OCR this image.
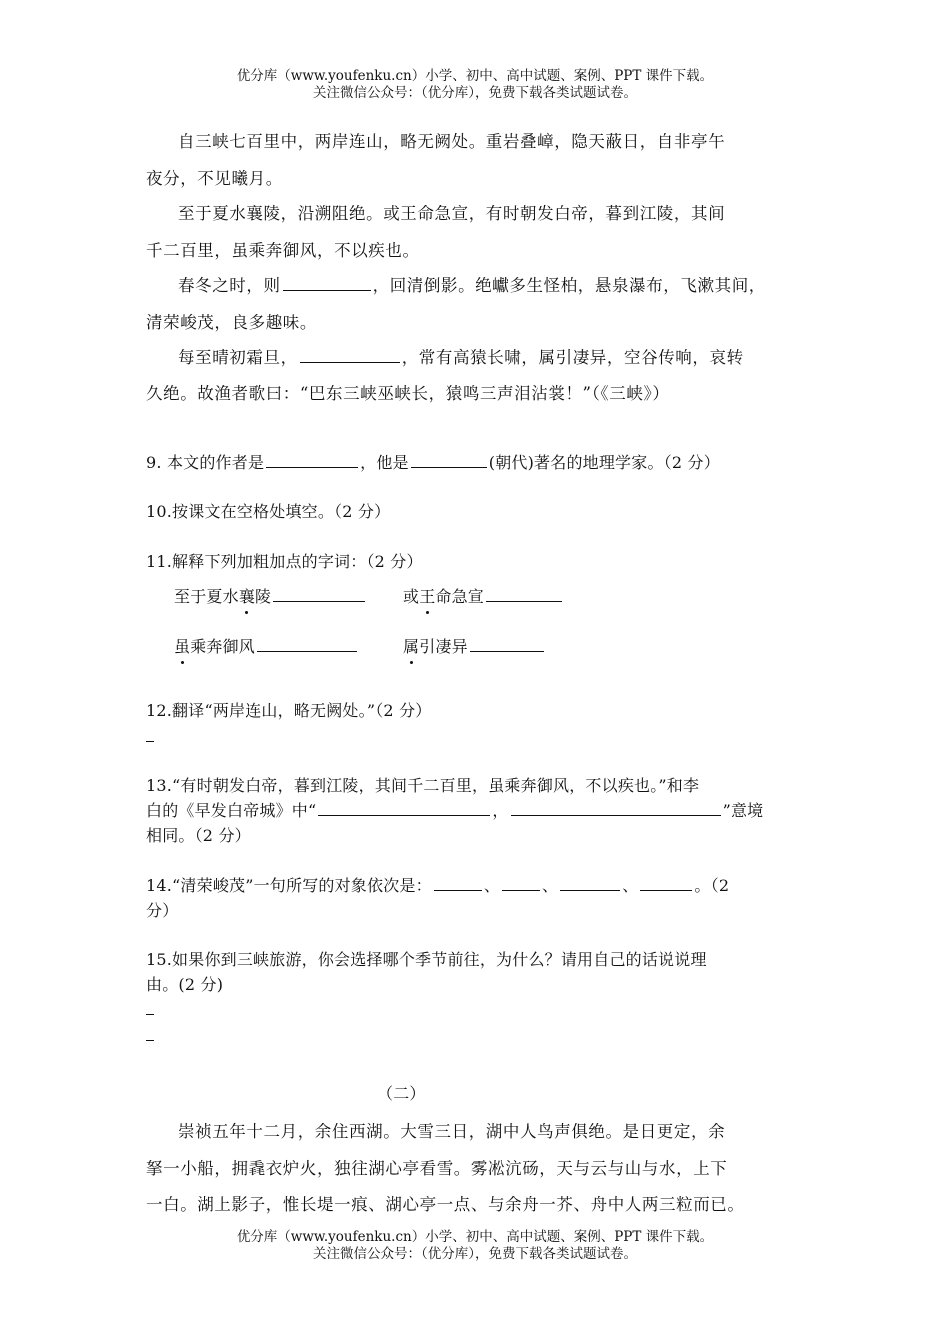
优分库（www.youfenku.cn）小学、初中、高中试题、案例、PPT 课件下载。
关注微信公众号：（优分库），免费下载各类试题试卷。
自三峡七百里中，两岸连山，略无阙处。重岩叠嶂，隐天蔽日，自非亭午
夜分，不见曦月。
至于夏水襄陵，沿溯阻绝。或王命急宣，有时朝发白帝，暮到江陵，其间
千二百里，虽乘奔御风，不以疾也。
春冬之时，则	，回清倒影。绝巘多生怪柏，悬泉瀑布，飞漱其间，
清荣峻茂，良多趣味。
每至晴初霜旦，	，常有高猿长啸，属引凄异，空谷传响，哀转
久绝。故渔者歌曰：“巴东三峡巫峡长，猿鸣三声泪沾裳！”（《三峡》）
9. 本文的作者是	，他是	(朝代)著名的地理学家。（2 分）
10.按课文在空格处填空。（2 分）
11.解释下列加粗加点的字词：（2 分）
至于夏水襄陵	或王命急宣
虽乘奔御风	属引凄异
12.翻译“两岸连山，略无阙处。”（2 分）
13.“有时朝发白帝，暮到江陵，其间千二百里，虽乘奔御风，不以疾也。”和李
白的《早发白帝城》中“	，	”意境
相同。（2 分）
14.“清荣峻茂”一句所写的对象依次是：	、	、	、	。（2
分）
15.如果你到三峡旅游，你会选择哪个季节前往，为什么？请用自己的话说说理
由。(2 分)
（二）
崇祯五年十二月，余住西湖。大雪三日，湖中人鸟声俱绝。是日更定，余
拏一小船，拥毳衣炉火，独往湖心亭看雪。雾凇沆砀，天与云与山与水，上下
一白。湖上影子，惟长堤一痕、湖心亭一点、与余舟一芥、舟中人两三粒而已。
优分库（www.youfenku.cn）小学、初中、高中试题、案例、PPT 课件下载。
关注微信公众号：（优分库），免费下载各类试题试卷。
